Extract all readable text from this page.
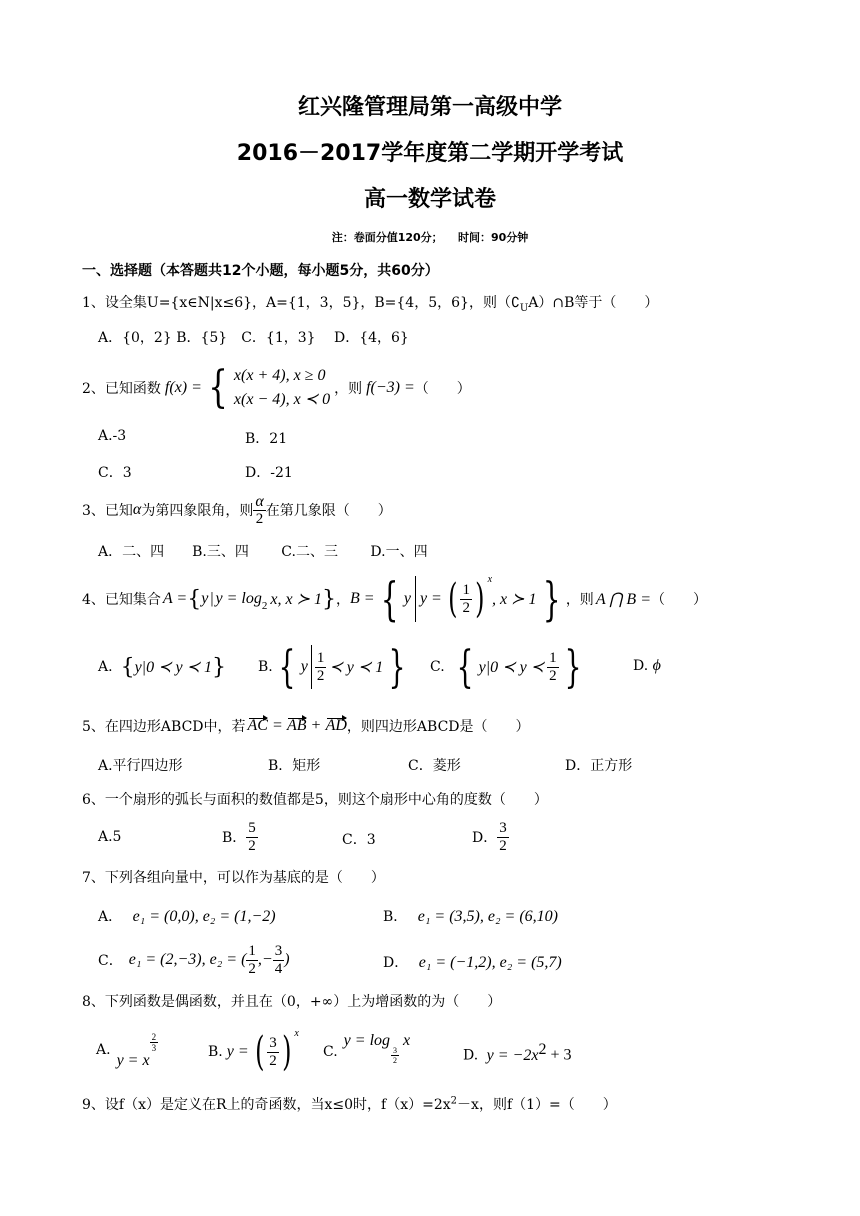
红兴隆管理局第一高级中学
2016－2017学年度第二学期开学考试
高一数学试卷
注：卷面分值120分；    时间：90分钟
一、选择题（本答题共12个小题，每小题5分，共60分）
1、设全集U={x∈N|x≤6}，A={1，3，5}，B={4，5，6}，则$(∁_UA)\cap B$等于（　　）
A．{0，2} B．{5}　C．{1，3}　 D．{4，6}
2、已知函数 f(x) = { x(x + 4), x ≥ 0
x(x − 4), x ≺ 0
，则 f(−3) = （　　）
A.-3	B．21
C．3	D．-21
3、已知 α 为第四象限角，则 $\frac{\alpha}{2}$ 在第几象限（　　）
A．二、四　　B.三、四　　 C.二、三　　 D.一、四
4、已知集合 A = { y | $y = \log_2 x$, x ≻ 1 } ， B = { y y = ( $\frac{1}{2}$ ) $^x$
, x ≻ 1 } ，则 A ⋂ B = （　　）
A. { y|0 ≺ y ≺ 1 } B. { y $\frac{1}{2}$ ≺ y ≺ 1 } C. { y|0 ≺ y ≺ $\frac{1}{2}$ }	D. ϕ
5、在四边形ABCD中，若 AC = AB + AD ，则四边形ABCD是（　　）
A.平行四边形	B．矩形	C．菱形	D．正方形
6、一个扇形的弧长与面积的数值都是5，则这个扇形中心角的度数（　　）
A.5	B． $\frac{5}{2}$	C．3	D． $\frac{3}{2}$
7、下列各组向量中，可以作为基底的是（　　）
A． e₁ = (0,0), e₂ = (1,−2)	B． e₁ = (3,5), e₂ = (6,10)
C． e₁ = (2,−3), e₂ = ( $\frac{1}{2}$ ,− $\frac{3}{4}$ )	D． e₁ = (−1,2), e₂ = (5,7)
8、下列函数是偶函数，并且在（0，+∞）上为增函数的为（　　）
A.
y = x
$\frac{2}{3}$	B. y = ( $\frac{3}{2}$ ) $^x$
C.
y = log
$\frac{3}{2}$
x
D. $y = -2x^2 + 3$
9、设f（x）是定义在R上的奇函数，当x≤0时，$f(x)=2x^2-x$，则f（1）=（　　）
